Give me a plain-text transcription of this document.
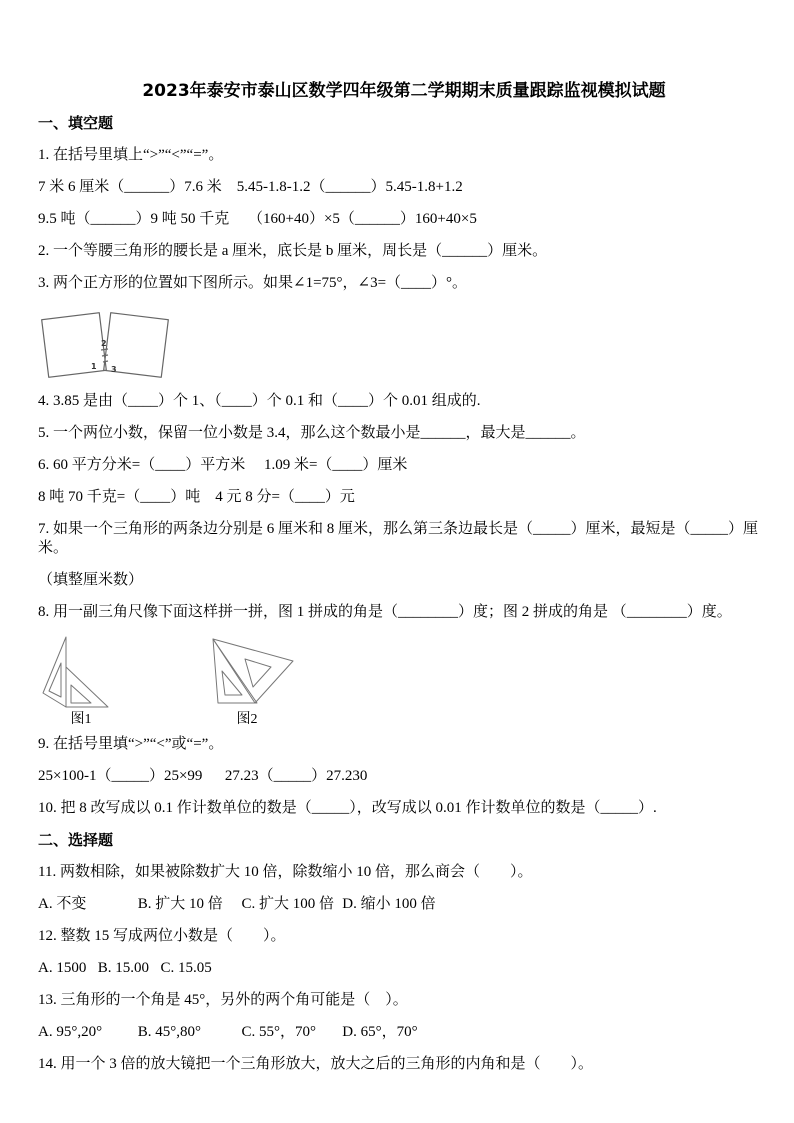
2023年泰安市泰山区数学四年级第二学期期末质量跟踪监视模拟试题
一、填空题
1. 在括号里填上“>”“<”“=”。
7 米 6 厘米（______）7.6 米    5.45-1.8-1.2（______）5.45-1.8+1.2
9.5 吨（______）9 吨 50 千克     （160+40）×5（______）160+40×5
2. 一个等腰三角形的腰长是 a 厘米，底长是 b 厘米，周长是（______）厘米。
3. 两个正方形的位置如下图所示。如果∠1=75°，∠3=（____）°。
1
2
3
4. 3.85 是由（____）个 1、（____）个 0.1 和（____）个 0.01 组成的.
5. 一个两位小数，保留一位小数是 3.4，那么这个数最小是______，最大是______。
6. 60 平方分米=（____）平方米     1.09 米=（____）厘米
8 吨 70 千克=（____）吨    4 元 8 分=（____）元
7. 如果一个三角形的两条边分别是 6 厘米和 8 厘米，那么第三条边最长是（_____）厘米，最短是（_____）厘米。
（填整厘米数）
8. 用一副三角尺像下面这样拼一拼，图 1 拼成的角是（________）度；图 2 拼成的角是 （________）度。
图1	图2
9. 在括号里填“>”“<”或“=”。
25×100-1（_____）25×99      27.23（_____）27.230
10. 把 8 改写成以 0.1 作计数单位的数是（_____），改写成以 0.01 作计数单位的数是（_____）.
二、选择题
11. 两数相除，如果被除数扩大 10 倍，除数缩小 10 倍，那么商会（　　）。
A. 不变	B. 扩大 10 倍 C. 扩大 100 倍 D. 缩小 100 倍
12. 整数 15 写成两位小数是（　　）。
A. 1500 B. 15.00 C. 15.05
13. 三角形的一个角是 45°，另外的两个角可能是（　）。
A. 95°,20° B. 45°,80°	C. 55°，70° D. 65°，70°
14. 用一个 3 倍的放大镜把一个三角形放大，放大之后的三角形的内角和是（　　）。
